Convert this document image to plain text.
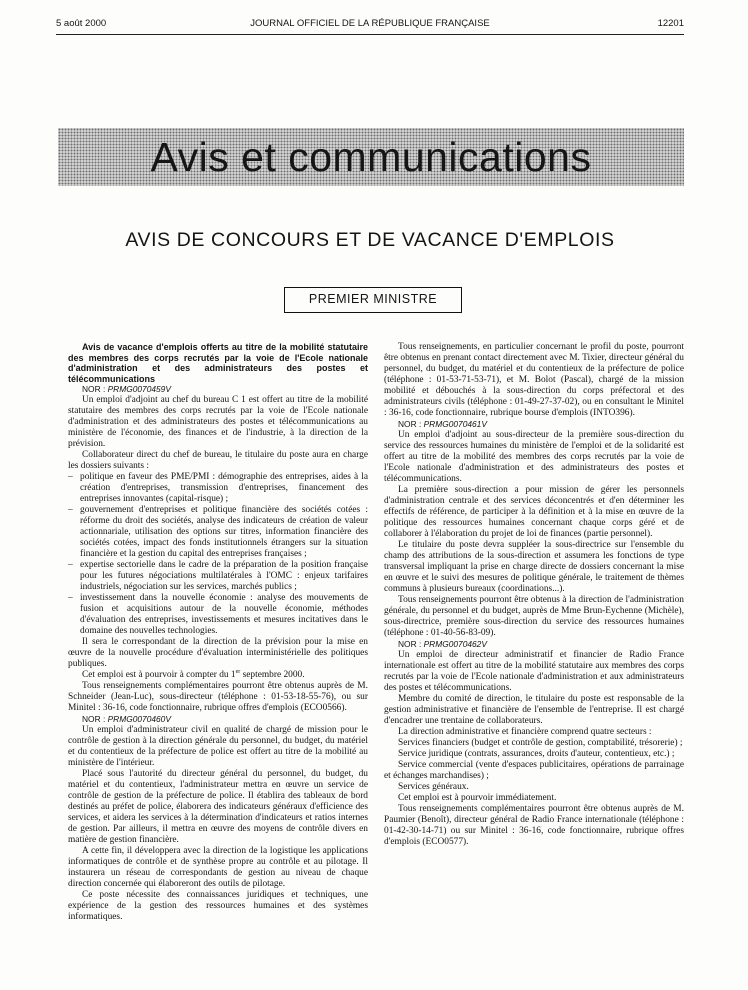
5 août 2000	JOURNAL OFFICIEL DE LA RÉPUBLIQUE FRANÇAISE	12201
Avis et communications
AVIS DE CONCOURS ET DE VACANCE D'EMPLOIS
PREMIER MINISTRE

Avis de vacance d'emplois offerts au titre de la mobilité statutaire des membres des corps recrutés par la voie de l'Ecole nationale d'administration et des administrateurs des postes et télécommunications

NOR : PRMG0070459V

Un emploi d'adjoint au chef du bureau C 1 est offert au titre de la mobilité statutaire des membres des corps recrutés par la voie de l'Ecole nationale d'administration et des administrateurs des postes et télécommunications au ministère de l'économie, des finances et de l'industrie, à la direction de la prévision.

Collaborateur direct du chef de bureau, le titulaire du poste aura en charge les dossiers suivants :

– politique en faveur des PME/PMI : démographie des entreprises, aides à la création d'entreprises, transmission d'entreprises, financement des entreprises innovantes (capital-risque) ;
– gouvernement d'entreprises et politique financière des sociétés cotées : réforme du droit des sociétés, analyse des indicateurs de création de valeur actionnariale, utilisation des options sur titres, information financière des sociétés cotées, impact des fonds institutionnels étrangers sur la situation financière et la gestion du capital des entreprises françaises ;
– expertise sectorielle dans le cadre de la préparation de la position française pour les futures négociations multilatérales à l'OMC : enjeux tarifaires industriels, négociation sur les services, marchés publics ;
– investissement dans la nouvelle économie : analyse des mouvements de fusion et acquisitions autour de la nouvelle économie, méthodes d'évaluation des entreprises, investissements et mesures incitatives dans le domaine des nouvelles technologies.

Il sera le correspondant de la direction de la prévision pour la mise en œuvre de la nouvelle procédure d'évaluation interministérielle des politiques publiques.

Cet emploi est à pourvoir à compter du 1er septembre 2000.

Tous renseignements complémentaires pourront être obtenus auprès de M. Schneider (Jean-Luc), sous-directeur (téléphone : 01-53-18-55-76), ou sur Minitel : 36-16, code fonctionnaire, rubrique offres d'emplois (ECO0566).

NOR : PRMG0070460V

Un emploi d'administrateur civil en qualité de chargé de mission pour le contrôle de gestion à la direction générale du personnel, du budget, du matériel et du contentieux de la préfecture de police est offert au titre de la mobilité au ministère de l'intérieur.

Placé sous l'autorité du directeur général du personnel, du budget, du matériel et du contentieux, l'administrateur mettra en œuvre un service de contrôle de gestion de la préfecture de police. Il établira des tableaux de bord destinés au préfet de police, élaborera des indicateurs généraux d'efficience des services, et aidera les services à la détermination d'indicateurs et ratios internes de gestion. Par ailleurs, il mettra en œuvre des moyens de contrôle divers en matière de gestion financière.

A cette fin, il développera avec la direction de la logistique les applications informatiques de contrôle et de synthèse propre au contrôle et au pilotage. Il instaurera un réseau de correspondants de gestion au niveau de chaque direction concernée qui élaboreront des outils de pilotage.

Ce poste nécessite des connaissances juridiques et techniques, une expérience de la gestion des ressources humaines et des systèmes informatiques.

Tous renseignements, en particulier concernant le profil du poste, pourront être obtenus en prenant contact directement avec M. Tixier, directeur général du personnel, du budget, du matériel et du contentieux de la préfecture de police (téléphone : 01-53-71-53-71), et M. Bolot (Pascal), chargé de la mission mobilité et débouchés à la sous-direction du corps préfectoral et des administrateurs civils (téléphone : 01-49-27-37-02), ou en consultant le Minitel : 36-16, code fonctionnaire, rubrique bourse d'emplois (INTO396).

NOR : PRMG0070461V

Un emploi d'adjoint au sous-directeur de la première sous-direction du service des ressources humaines du ministère de l'emploi et de la solidarité est offert au titre de la mobilité des membres des corps recrutés par la voie de l'Ecole nationale d'administration et des administrateurs des postes et télécommunications.

La première sous-direction a pour mission de gérer les personnels d'administration centrale et des services déconcentrés et d'en déterminer les effectifs de référence, de participer à la définition et à la mise en œuvre de la politique des ressources humaines concernant chaque corps géré et de collaborer à l'élaboration du projet de loi de finances (partie personnel).

Le titulaire du poste devra suppléer la sous-directrice sur l'ensemble du champ des attributions de la sous-direction et assumera les fonctions de type transversal impliquant la prise en charge directe de dossiers concernant la mise en œuvre et le suivi des mesures de politique générale, le traitement de thèmes communs à plusieurs bureaux (coordinations...).

Tous renseignements pourront être obtenus à la direction de l'administration générale, du personnel et du budget, auprès de Mme Brun-Eychenne (Michèle), sous-directrice, première sous-direction du service des ressources humaines (téléphone : 01-40-56-83-09).

NOR : PRMG0070462V

Un emploi de directeur administratif et financier de Radio France internationale est offert au titre de la mobilité statutaire aux membres des corps recrutés par la voie de l'Ecole nationale d'administration et aux administrateurs des postes et télécommunications.

Membre du comité de direction, le titulaire du poste est responsable de la gestion administrative et financière de l'ensemble de l'entreprise. Il est chargé d'encadrer une trentaine de collaborateurs.

La direction administrative et financière comprend quatre secteurs :

Services financiers (budget et contrôle de gestion, comptabilité, trésorerie) ;

Service juridique (contrats, assurances, droits d'auteur, contentieux, etc.) ;

Service commercial (vente d'espaces publicitaires, opérations de parrainage et échanges marchandises) ;

Services généraux.

Cet emploi est à pourvoir immédiatement.

Tous renseignements complémentaires pourront être obtenus auprès de M. Paumier (Benoît), directeur général de Radio France internationale (téléphone : 01-42-30-14-71) ou sur Minitel : 36-16, code fonctionnaire, rubrique offres d'emplois (ECO0577).
